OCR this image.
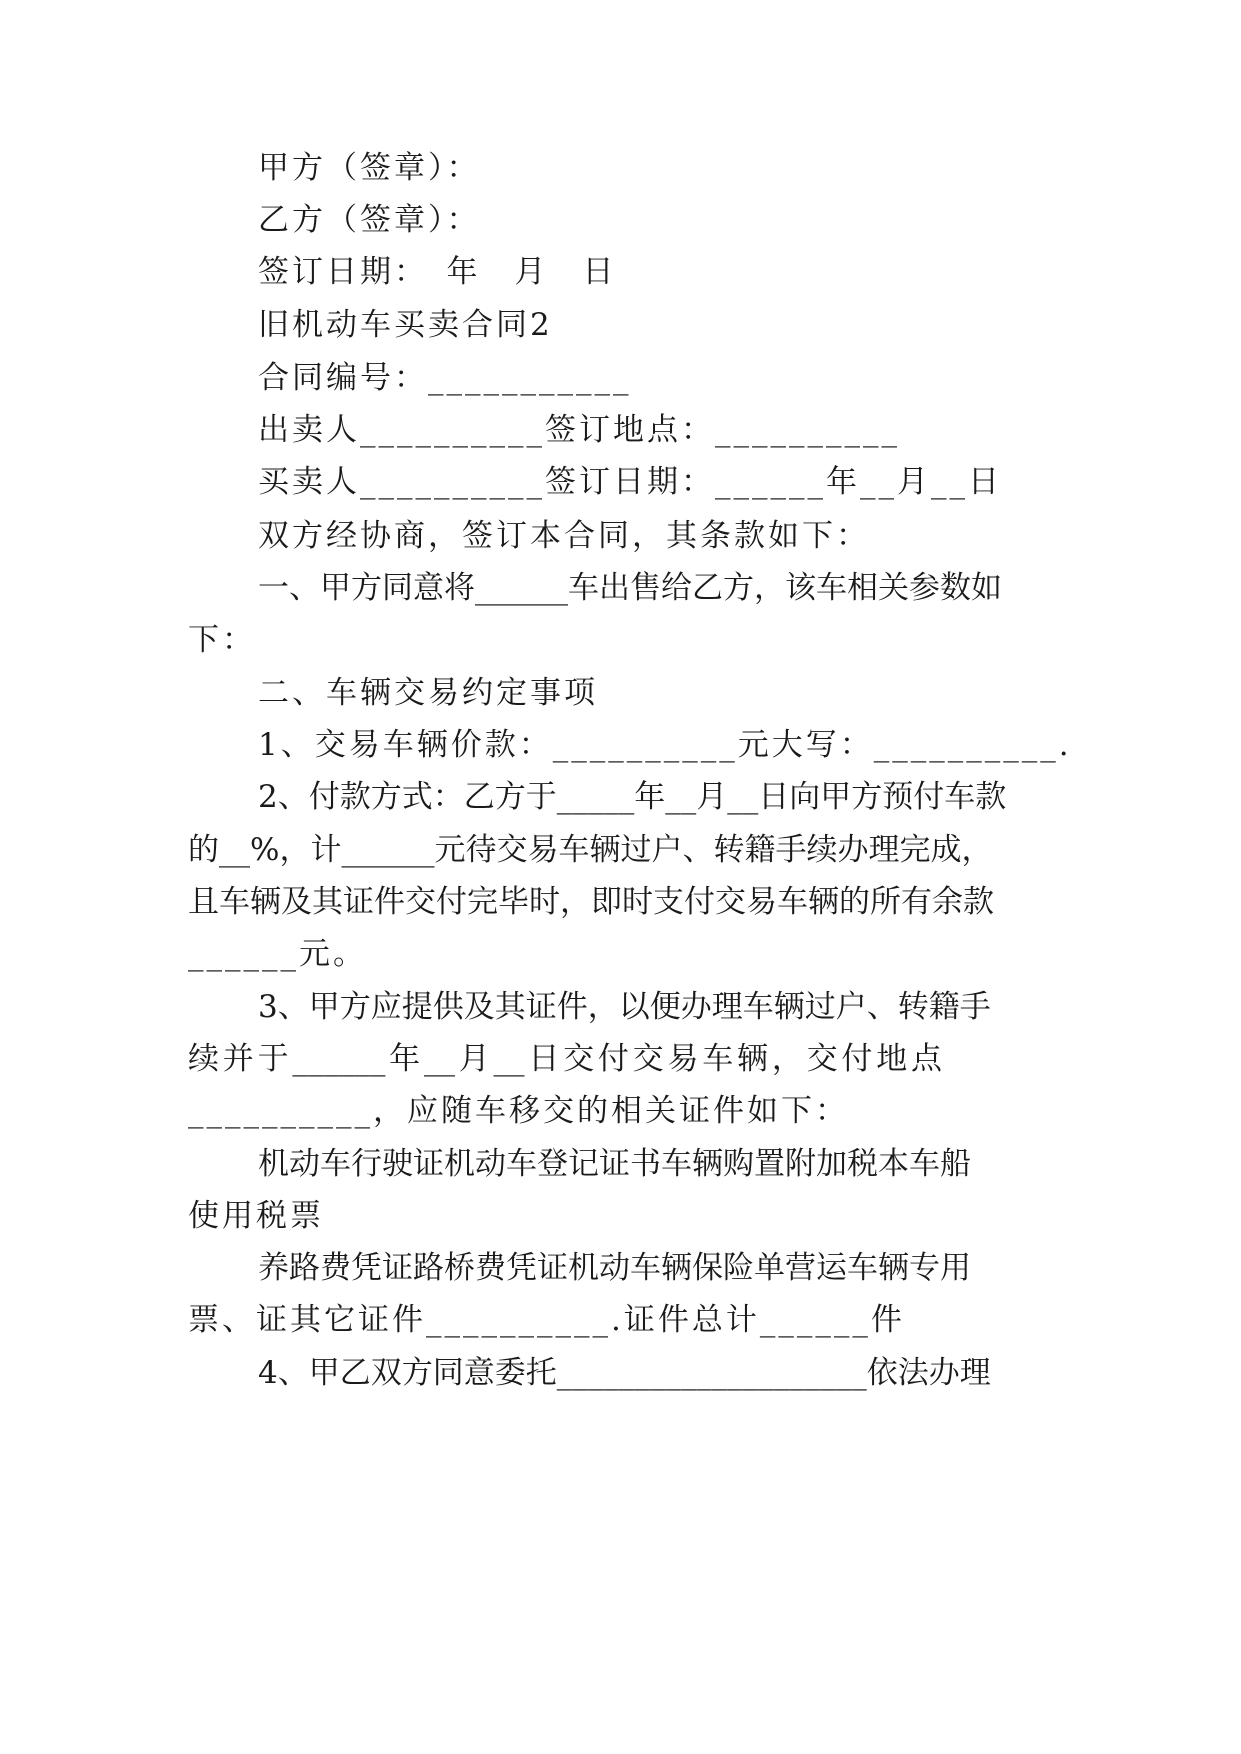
甲方（签章）：
乙方（签章）：
签订日期：　年　月　日
旧机动车买卖合同2
合同编号：___________
出卖人__________签订地点：__________
买卖人__________签订日期：______年__月__日
双方经协商，签订本合同，其条款如下：
一、甲方同意将______车出售给乙方，该车相关参数如
下：
二、车辆交易约定事项
1、交易车辆价款：__________元大写：__________.
2、付款方式：乙方于_____年__月__日向甲方预付车款
的__%，计______元待交易车辆过户、转籍手续办理完成，
且车辆及其证件交付完毕时，即时支付交易车辆的所有余款
______元。
3、甲方应提供及其证件，以便办理车辆过户、转籍手
续并于______年__月__日交付交易车辆，交付地点
__________，应随车移交的相关证件如下：
机动车行驶证机动车登记证书车辆购置附加税本车船
使用税票
养路费凭证路桥费凭证机动车辆保险单营运车辆专用
票、证其它证件__________.证件总计______件
4、甲乙双方同意委托____________________依法办理
